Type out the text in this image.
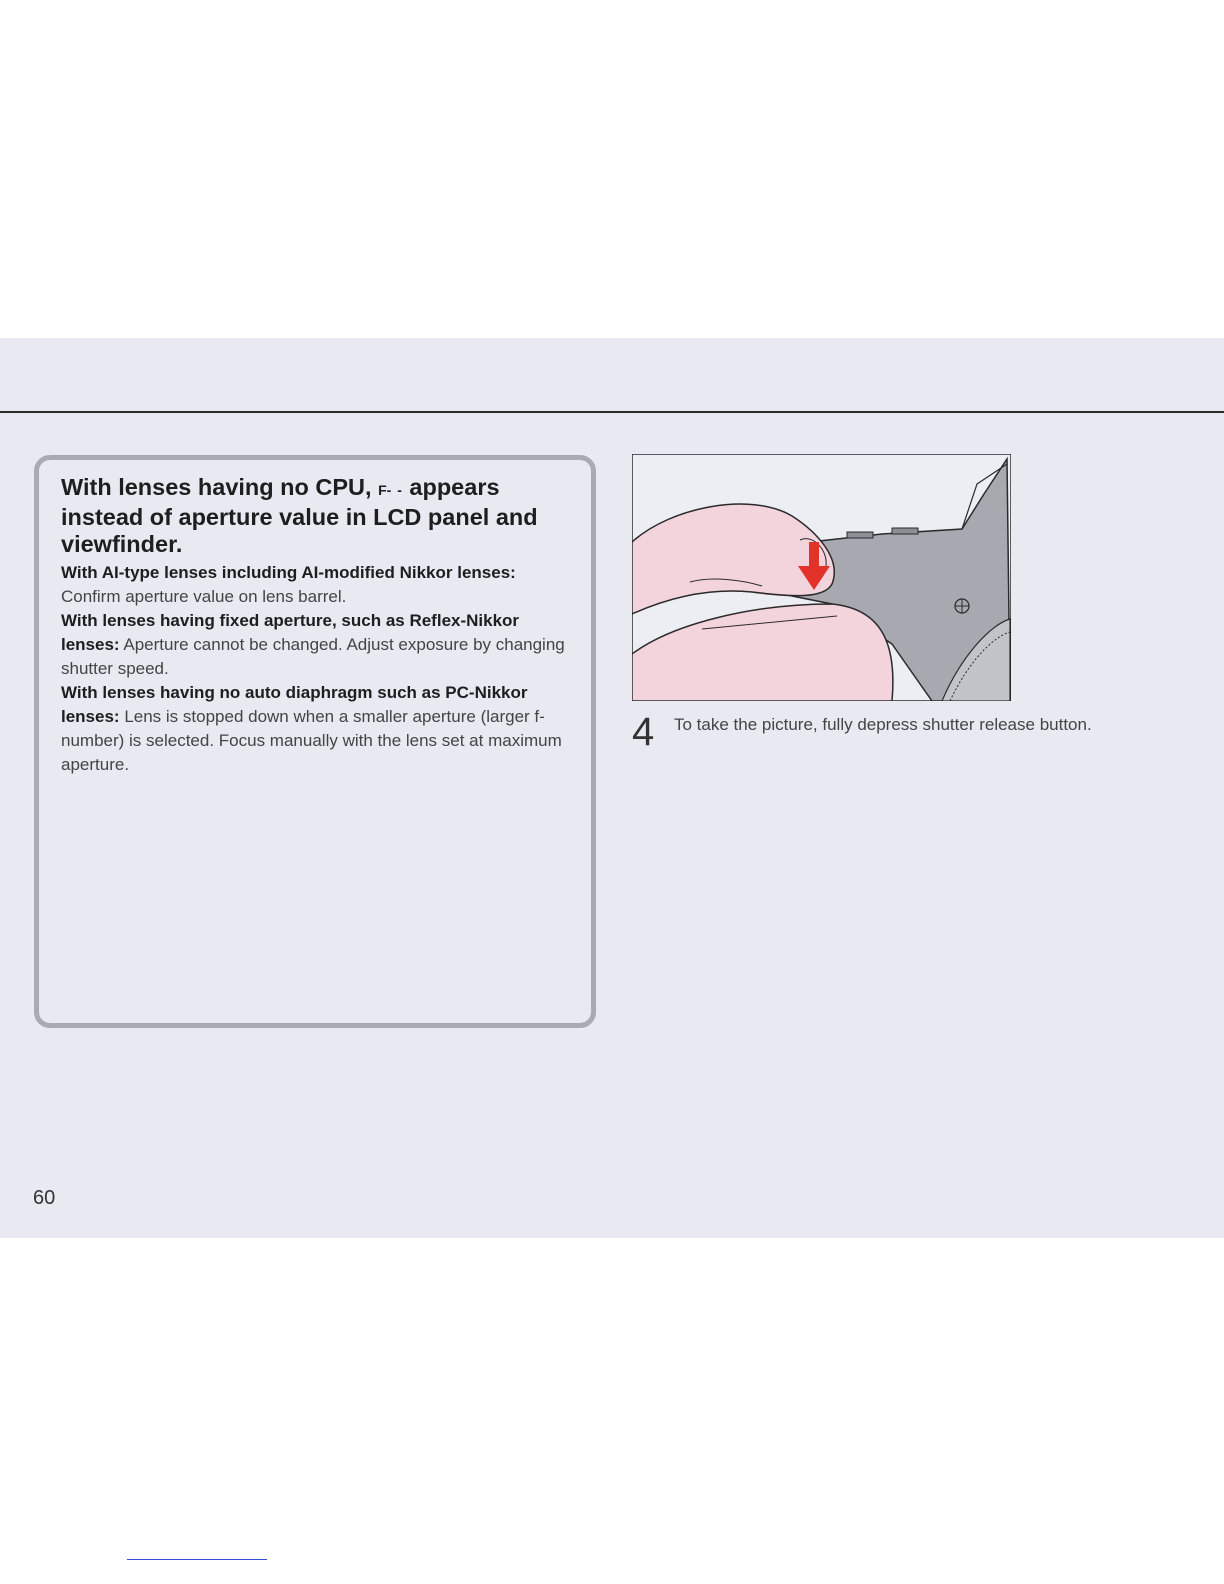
With lenses having no CPU, F- - appears instead of aperture value in LCD panel and viewfinder.

With AI-type lenses including AI-modified Nikkor lenses: Confirm aperture value on lens barrel.

With lenses having fixed aperture, such as Reflex-Nikkor lenses: Aperture cannot be changed. Adjust exposure by changing shutter speed.

With lenses having no auto diaphragm such as PC-Nikkor lenses: Lens is stopped down when a smaller aperture (larger f-number) is selected. Focus manually with the lens set at maximum aperture.

4 To take the picture, fully depress shutter release button.
60
